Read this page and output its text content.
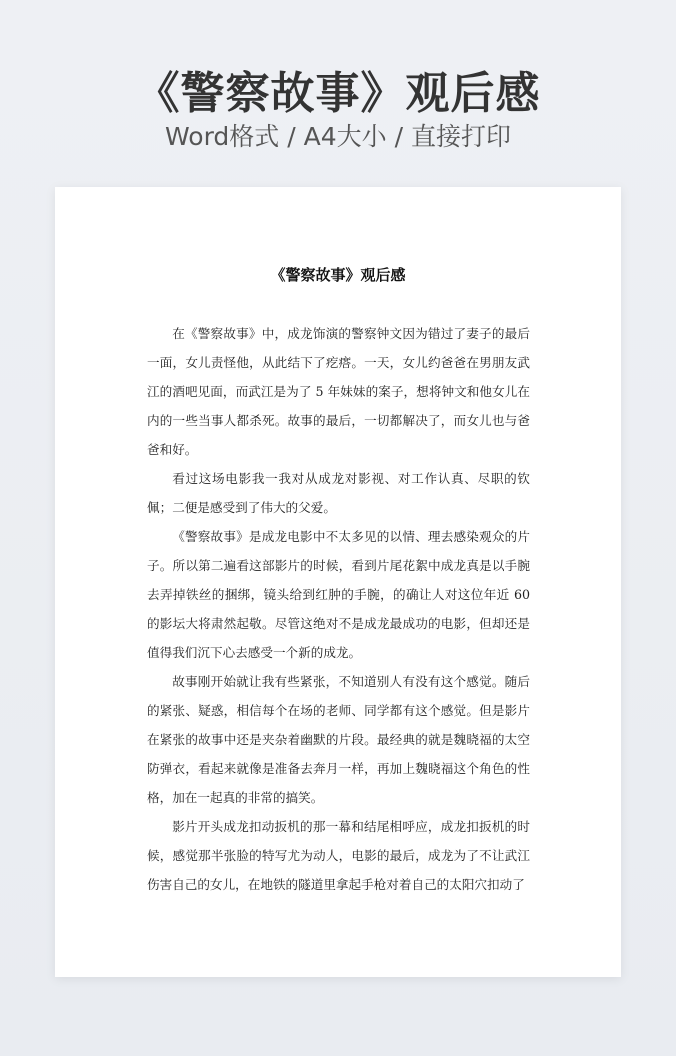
《警察故事》观后感
Word格式 / A4大小 / 直接打印
《警察故事》观后感

在《警察故事》中，成龙饰演的警察钟文因为错过了妻子的最后一面，女儿责怪他，从此结下了疙瘩。一天，女儿约爸爸在男朋友武江的酒吧见面，而武江是为了 5 年妹妹的案子，想将钟文和他女儿在内的一些当事人都杀死。故事的最后，一切都解决了，而女儿也与爸爸和好。

看过这场电影我一我对从成龙对影视、对工作认真、尽职的钦佩；二便是感受到了伟大的父爱。

《警察故事》是成龙电影中不太多见的以情、理去感染观众的片子。所以第二遍看这部影片的时候，看到片尾花絮中成龙真是以手腕去弄掉铁丝的捆绑，镜头给到红肿的手腕，的确让人对这位年近 60 的影坛大将肃然起敬。尽管这绝对不是成龙最成功的电影，但却还是值得我们沉下心去感受一个新的成龙。

故事刚开始就让我有些紧张，不知道别人有没有这个感觉。随后的紧张、疑惑，相信每个在场的老师、同学都有这个感觉。但是影片在紧张的故事中还是夹杂着幽默的片段。最经典的就是魏晓福的太空防弹衣，看起来就像是准备去奔月一样，再加上魏晓福这个角色的性格，加在一起真的非常的搞笑。

影片开头成龙扣动扳机的那一幕和结尾相呼应，成龙扣扳机的时候，感觉那半张脸的特写尤为动人，电影的最后，成龙为了不让武江伤害自己的女儿，在地铁的隧道里拿起手枪对着自己的太阳穴扣动了
